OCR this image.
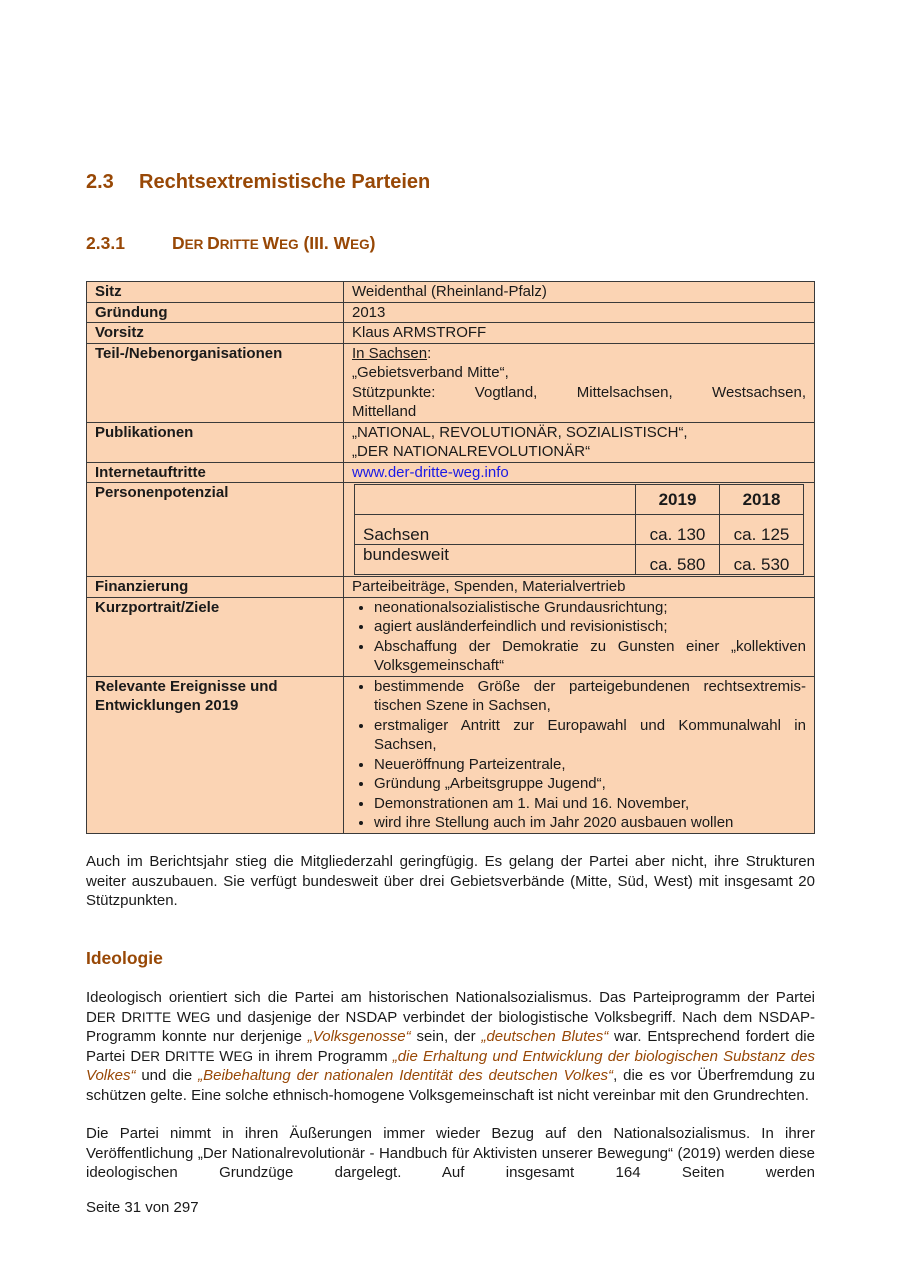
2.3 Rechtsextremistische Parteien
2.3.1	DER DRITTE WEG (III. WEG)
Sitz	Weidenthal (Rheinland-Pfalz)
Gründung	2013
Vorsitz	Klaus ARMSTROFF
Teil-/Nebenorganisationen	In Sachsen:
„Gebietsverband Mitte“,
Stützpunkte: Vogtland, Mittelsachsen, Westsachsen,
Mittelland

Publikationen	„NATIONAL, REVOLUTIONÄR, SOZIALISTISCH“,
„DER NATIONALREVOLUTIONÄR“

Internetauftritte	www.der-dritte-weg.info
Personenpotenzial	
		2019	2018
Sachsen	ca. 130	ca. 125
bundesweit	ca. 580	ca. 530

Finanzierung	Parteibeiträge, Spenden, Materialvertrieb
Kurzportrait/Ziele	
•neonationalsozialistische Grundausrichtung;
• agiert ausländerfeindlich und revisionistisch;
• Abschaffung der Demokratie zu Gunsten einer „kollektiven Volksgemeinschaft“

Relevante Ereignisse und
Entwicklungen 2019

• bestimmende Größe der parteigebundenen rechtsextremis-tischen Szene in Sachsen,
• erstmaliger Antritt zur Europawahl und Kommunalwahl in Sachsen,
• Neueröffnung Parteizentrale,
• Gründung „Arbeitsgruppe Jugend“,
• Demonstrationen am 1. Mai und 16. November,
• wird ihre Stellung auch im Jahr 2020 ausbauen wollen
Auch im Berichtsjahr stieg die Mitgliederzahl geringfügig. Es gelang der Partei aber nicht, ihre Strukturen weiter auszubauen. Sie verfügt bundesweit über drei Gebietsverbände (Mitte, Süd, West) mit insgesamt 20 Stützpunkten.
Ideologie
Ideologisch orientiert sich die Partei am historischen Nationalsozialismus. Das Parteiprogramm der Partei DER DRITTE WEG und dasjenige der NSDAP verbindet der biologistische Volksbegriff. Nach dem NSDAP-Programm konnte nur derjenige „Volksgenosse“ sein, der „deutschen Blutes“ war. Entsprechend fordert die Partei DER DRITTE WEG in ihrem Programm „die Erhaltung und Entwicklung der biologischen Substanz des Volkes“ und die „Beibehaltung der nationalen Identität des deutschen Volkes“, die es vor Überfremdung zu schützen gelte. Eine solche ethnisch-homogene Volksgemeinschaft ist nicht vereinbar mit den Grundrechten.
Die Partei nimmt in ihren Äußerungen immer wieder Bezug auf den Nationalsozialismus. In ihrer Veröffentlichung „Der Nationalrevolutionär - Handbuch für Aktivisten unserer Bewegung“ (2019) werden diese ideologischen Grundzüge dargelegt. Auf insgesamt 164 Seiten werden
Seite 31 von 297
